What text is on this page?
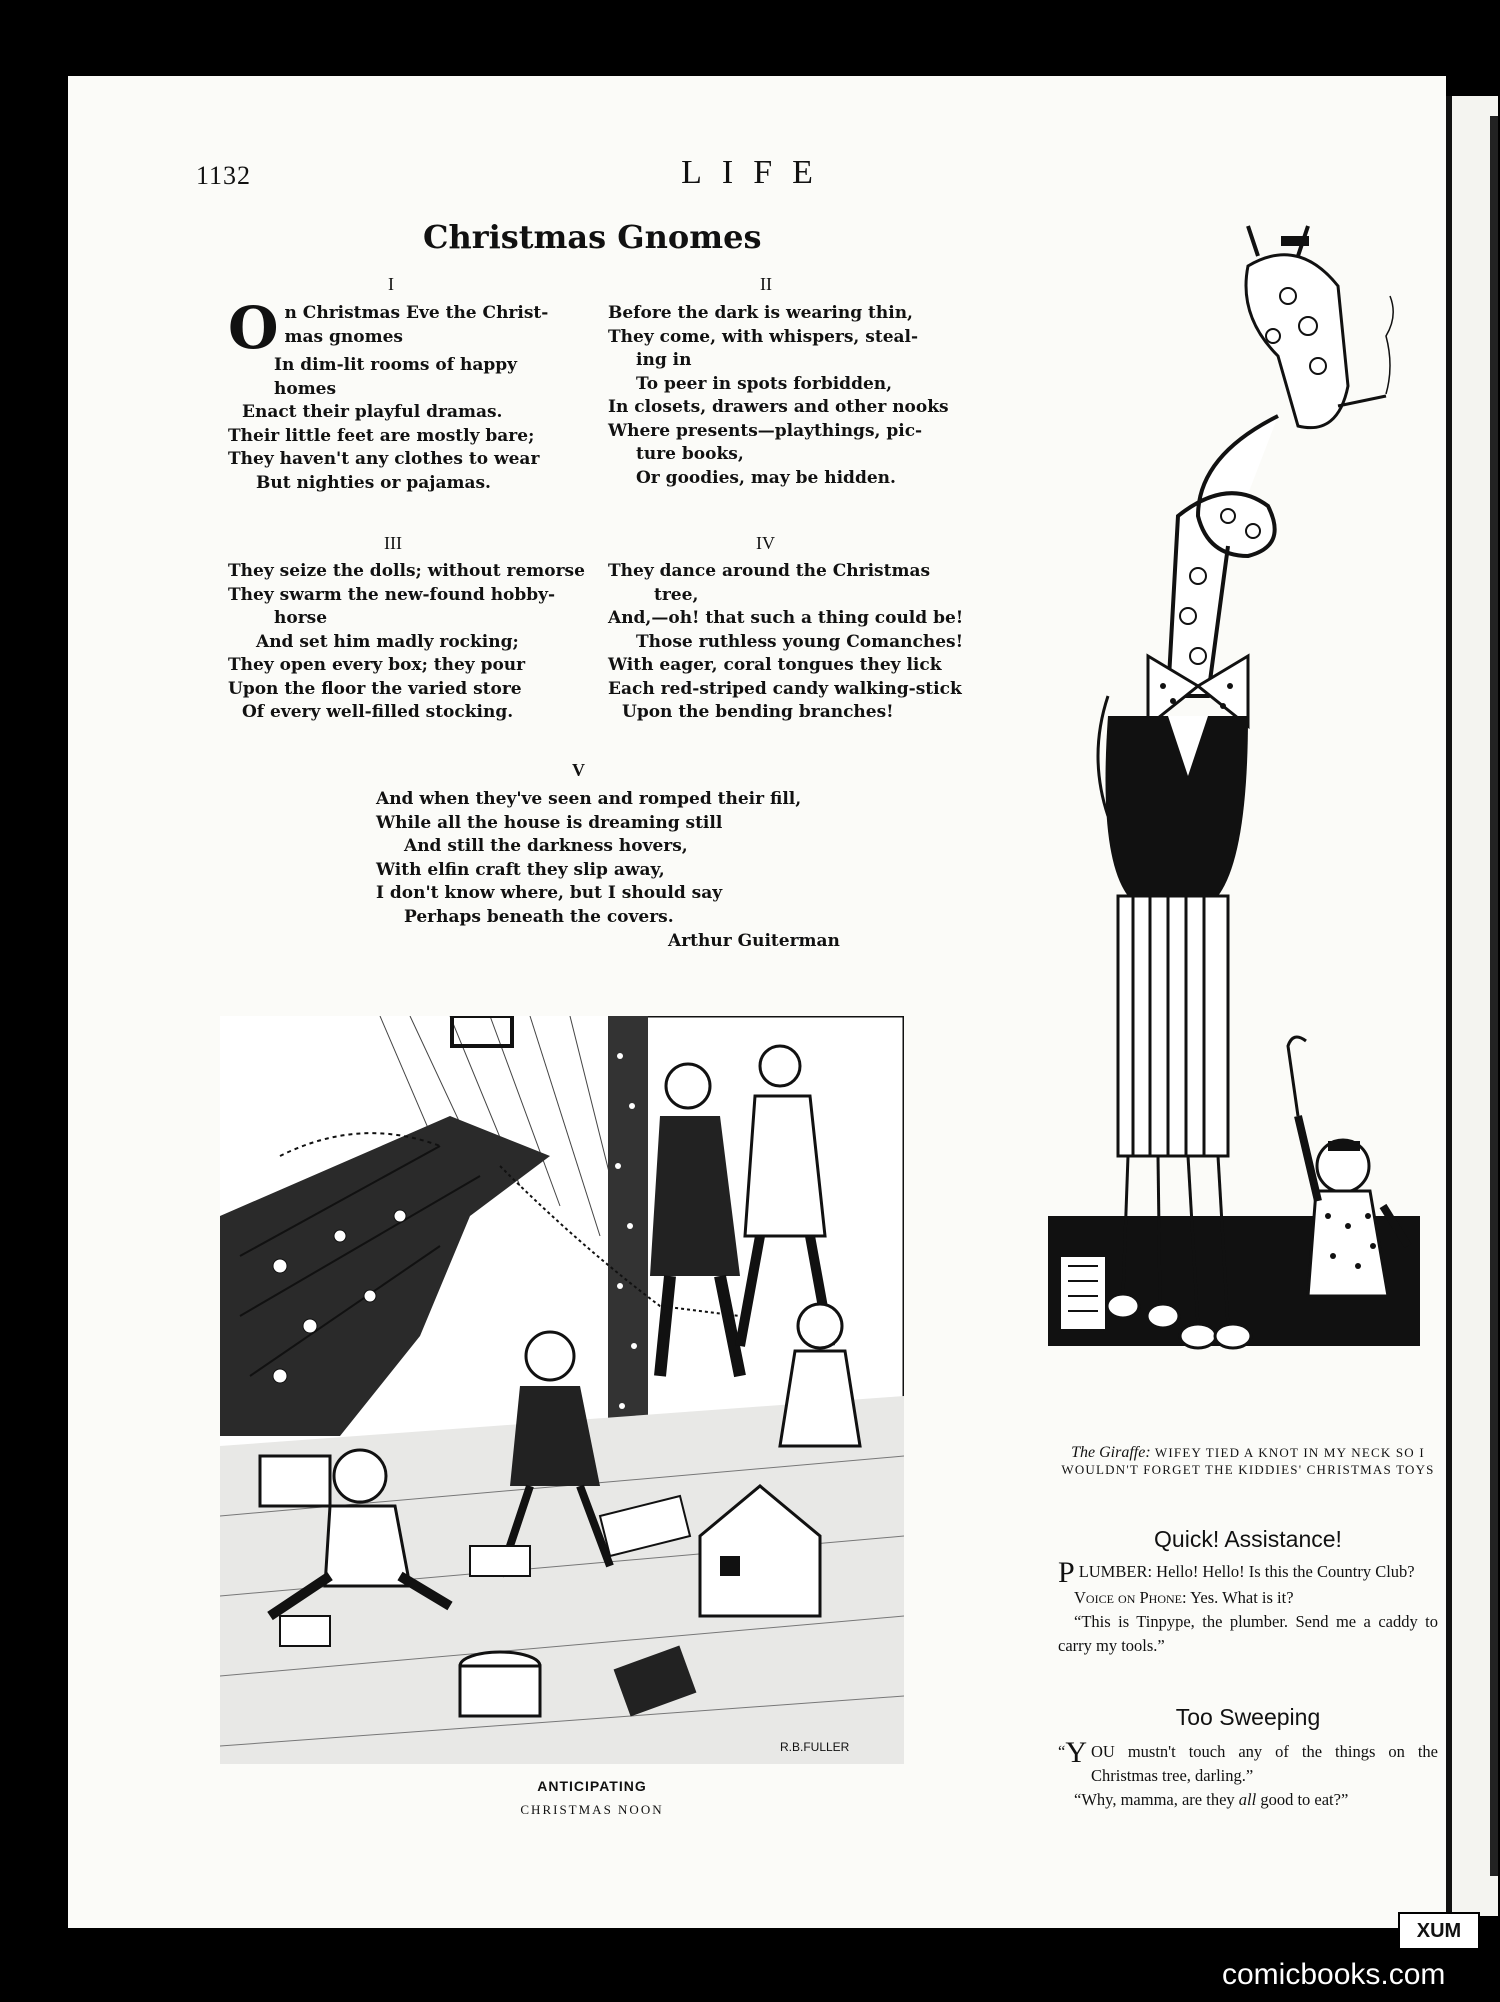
1132	LIFE
Christmas Gnomes
I
O n Christmas Eve the Christ-
mas gnomes
In dim-lit rooms of happy
homes
Enact their playful dramas.
Their little feet are mostly bare;
They haven't any clothes to wear
But nighties or pajamas.
II
Before the dark is wearing thin,
They come, with whispers, steal-
ing in
To peer in spots forbidden,
In closets, drawers and other nooks
Where presents—playthings, pic-
ture books,
Or goodies, may be hidden.
III
They seize the dolls; without remorse
They swarm the new-found hobby-
horse
And set him madly rocking;
They open every box; they pour
Upon the floor the varied store
Of every well-filled stocking.
IV
They dance around the Christmas
tree,
And,—oh! that such a thing could be!
Those ruthless young Comanches!
With eager, coral tongues they lick
Each red-striped candy walking-stick
Upon the bending branches!
V
And when they've seen and romped their fill,
While all the house is dreaming still
And still the darkness hovers,
With elfin craft they slip away,
I don't know where, but I should say
Perhaps beneath the covers.
Arthur Guiterman
R.B.FULLER
ANTICIPATING
CHRISTMAS NOON
The Giraffe: WIFEY TIED A KNOT IN MY NECK SO I WOULDN'T FORGET THE KIDDIES' CHRISTMAS TOYS
Quick! Assistance!

PLUMBER: Hello! Hello! Is this the Country Club?

Voice on Phone: Yes. What is it?

“This is Tinpype, the plumber. Send me a caddy to carry my tools.”

Too Sweeping

“ Y OU mustn't touch any of the things on the Christmas tree, darling.”

“Why, mamma, are they all good to eat?”

XUM
comicbooks.com
